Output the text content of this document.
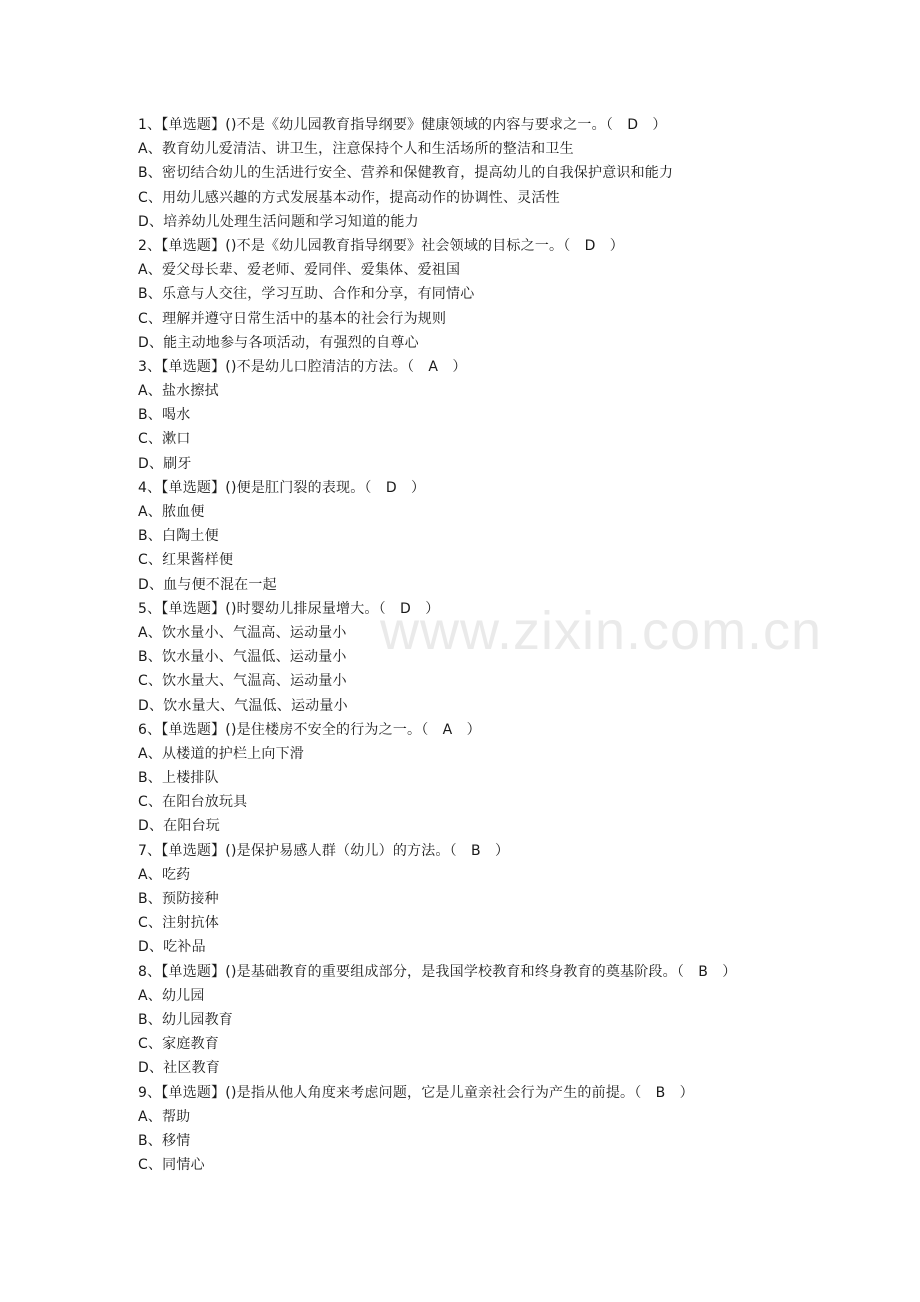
www.zixin.com.cn
1、【单选题】()不是《幼儿园教育指导纲要》健康领域的内容与要求之一。（　D　）
A、教育幼儿爱清洁、讲卫生，注意保持个人和生活场所的整洁和卫生
B、密切结合幼儿的生活进行安全、营养和保健教育，提高幼儿的自我保护意识和能力
C、用幼儿感兴趣的方式发展基本动作，提高动作的协调性、灵活性
D、培养幼儿处理生活问题和学习知道的能力
2、【单选题】()不是《幼儿园教育指导纲要》社会领域的目标之一。（　D　）
A、爱父母长辈、爱老师、爱同伴、爱集体、爱祖国
B、乐意与人交往，学习互助、合作和分享，有同情心
C、理解并遵守日常生活中的基本的社会行为规则
D、能主动地参与各项活动，有强烈的自尊心
3、【单选题】()不是幼儿口腔清洁的方法。（　A　）
A、盐水擦拭
B、喝水
C、漱口
D、刷牙
4、【单选题】()便是肛门裂的表现。（　D　）
A、脓血便
B、白陶土便
C、红果酱样便
D、血与便不混在一起
5、【单选题】()时婴幼儿排尿量增大。（　D　）
A、饮水量小、气温高、运动量小
B、饮水量小、气温低、运动量小
C、饮水量大、气温高、运动量小
D、饮水量大、气温低、运动量小
6、【单选题】()是住楼房不安全的行为之一。（　A　）
A、从楼道的护栏上向下滑
B、上楼排队
C、在阳台放玩具
D、在阳台玩
7、【单选题】()是保护易感人群（幼儿）的方法。（　B　）
A、吃药
B、预防接种
C、注射抗体
D、吃补品
8、【单选题】()是基础教育的重要组成部分，是我国学校教育和终身教育的奠基阶段。（　B　）
A、幼儿园
B、幼儿园教育
C、家庭教育
D、社区教育
9、【单选题】()是指从他人角度来考虑问题，它是儿童亲社会行为产生的前提。（　B　）
A、帮助
B、移情
C、同情心
